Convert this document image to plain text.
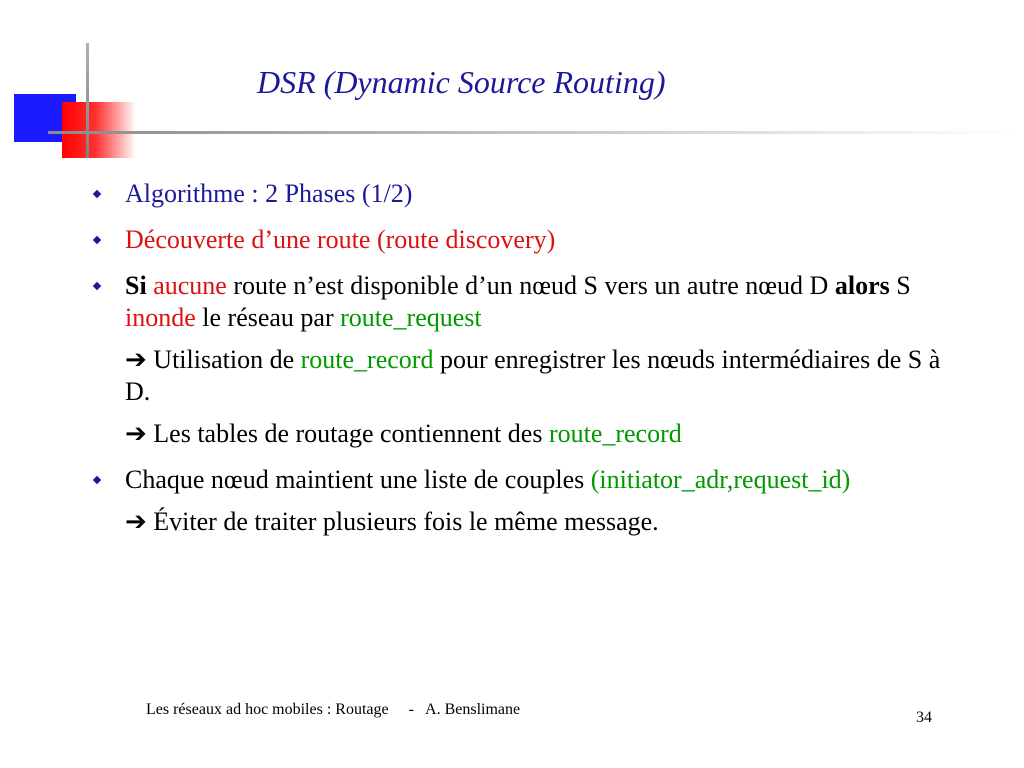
DSR (Dynamic Source Routing)
Algorithme : 2 Phases (1/2)
Découverte d’une route (route discovery)
Si aucune route n’est disponible d’un nœud S vers un autre nœud D alors S inonde le réseau par route_request
➔ Utilisation de route_record pour enregistrer les nœuds intermédiaires de S à D.
➔ Les tables de routage contiennent des route_record
Chaque nœud maintient une liste de couples (initiator_adr,request_id)
➔ Éviter de traiter plusieurs fois le même message.
Les réseaux ad hoc mobiles : Routage     -   A. Benslimane	34
